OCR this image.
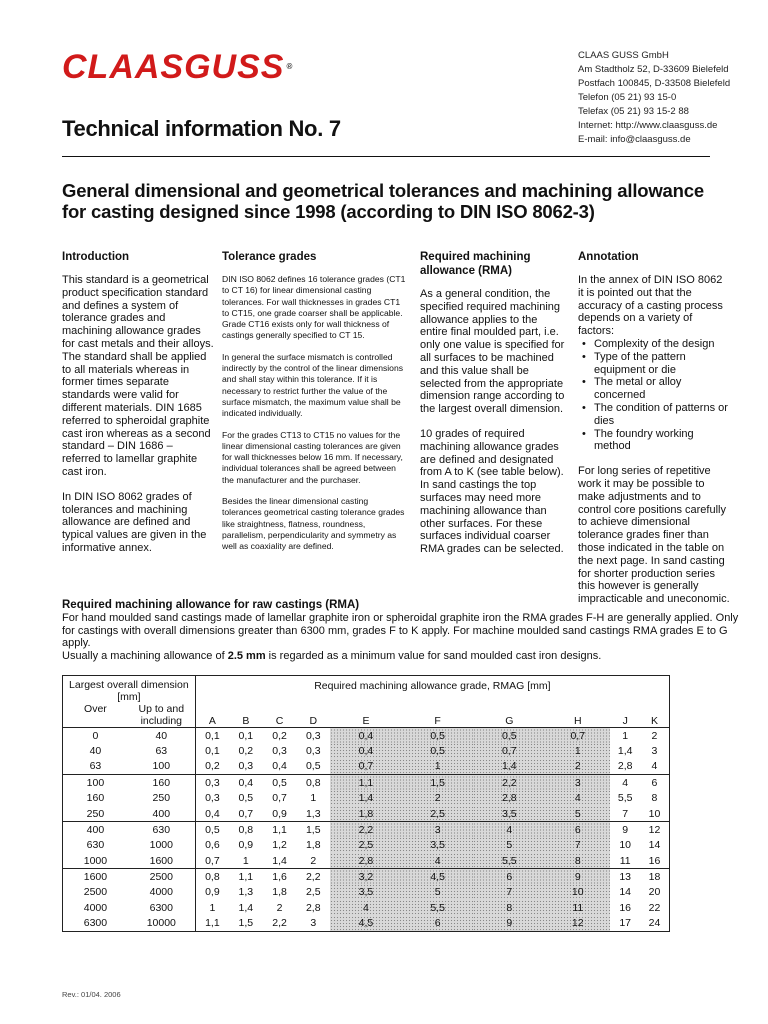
CLAASGUSS ®
CLAAS GUSS GmbH
Am Stadtholz 52, D-33609 Bielefeld
Postfach 100845, D-33508 Bielefeld
Telefon (05 21) 93 15-0
Telefax (05 21) 93 15-2 88
Internet: http://www.claasguss.de
E-mail: info@claasguss.de
Technical information No. 7
General dimensional and geometrical tolerances and machining allowance for casting designed since 1998 (according to DIN ISO 8062-3)
Introduction

This standard is a geometrical product specification standard and defines a system of tolerance grades and machining allowance grades for cast metals and their alloys. The standard shall be applied to all materials whereas in former times separate standards were valid for different materials. DIN 1685 referred to spheroidal graphite cast iron whereas as a second standard – DIN 1686 – referred to lamellar graphite cast iron.

In DIN ISO 8062 grades of tolerances and machining allowance are defined and typical values are given in the informative annex.

Tolerance grades

DIN ISO 8062 defines 16 tolerance grades (CT1 to CT 16) for linear dimensional casting tolerances. For wall thicknesses in grades CT1 to CT15, one grade coarser shall be applicable. Grade CT16 exists only for wall thickness of castings generally specified to CT 15.

In general the surface mismatch is controlled indirectly by the control of the linear dimensions and shall stay within this tolerance. If it is necessary to restrict further the value of the surface mismatch, the maximum value shall be indicated individually.

For the grades CT13 to CT15 no values for the linear dimensional casting tolerances are given for wall thicknesses below 16 mm. If necessary, individual tolerances shall be agreed between the manufacturer and the purchaser.

Besides the linear dimensional casting tolerances geometrical casting tolerance grades like straightness, flatness, roundness, parallelism, perpendicularity and symmetry as well as coaxiality are defined.

Required machining allowance (RMA)

As a general condition, the specified required machining allowance applies to the entire final moulded part, i.e. only one value is specified for all surfaces to be machined and this value shall be selected from the appropriate dimension range according to the largest overall dimension.

10 grades of required machining allowance grades are defined and designated from A to K (see table below). In sand castings the top surfaces may need more machining allowance than other surfaces. For these surfaces individual coarser RMA grades can be selected.

Annotation

In the annex of DIN ISO 8062 it is pointed out that the accuracy of a casting process depends on a variety of factors:

• Complexity of the design
• Type of the pattern equipment or die
• The metal or alloy concerned
• The condition of patterns or dies
• The foundry working method

For long series of repetitive work it may be possible to make adjustments and to control core positions carefully to achieve dimensional tolerance grades finer than those indicated in the table on the next page. In sand casting for shorter production series this however is generally impracticable and uneconomic.

Required machining allowance for raw castings (RMA)

For hand moulded sand castings made of lamellar graphite iron or spheroidal graphite iron the RMA grades F-H are generally applied. Only for castings with overall dimensions greater than 6300 mm, grades F to K apply. For machine moulded sand castings RMA grades E to G apply.

Usually a machining allowance of 2.5 mm is regarded as a minimum value for sand moulded cast iron designs.

Largest overall dimension [mm]		Required machining allowance grade, RMAG [mm]									
Over	Up to and including	A	B	C	D	E	F	G	H	J	K
0	40	0,1	0,1	0,2	0,3	0,4	0,5	0,5	0,7	1	2
40	63	0,1	0,2	0,3	0,3	0,4	0,5	0,7	1	1,4	3
63	100	0,2	0,3	0,4	0,5	0,7	1	1,4	2	2,8	4
100	160	0,3	0,4	0,5	0,8	1,1	1,5	2,2	3	4	6
160	250	0,3	0,5	0,7	1	1,4	2	2,8	4	5,5	8
250	400	0,4	0,7	0,9	1,3	1,8	2,5	3,5	5	7	10
400	630	0,5	0,8	1,1	1,5	2,2	3	4	6	9	12
630	1000	0,6	0,9	1,2	1,8	2,5	3,5	5	7	10	14
1000	1600	0,7	1	1,4	2	2,8	4	5,5	8	11	16
1600	2500	0,8	1,1	1,6	2,2	3,2	4,5	6	9	13	18
2500	4000	0,9	1,3	1,8	2,5	3,5	5	7	10	14	20
4000	6300	1	1,4	2	2,8	4	5,5	8	11	16	22
6300	10000	1,1	1,5	2,2	3	4,5	6	9	12	17	24
Rev.: 01/04. 2006
